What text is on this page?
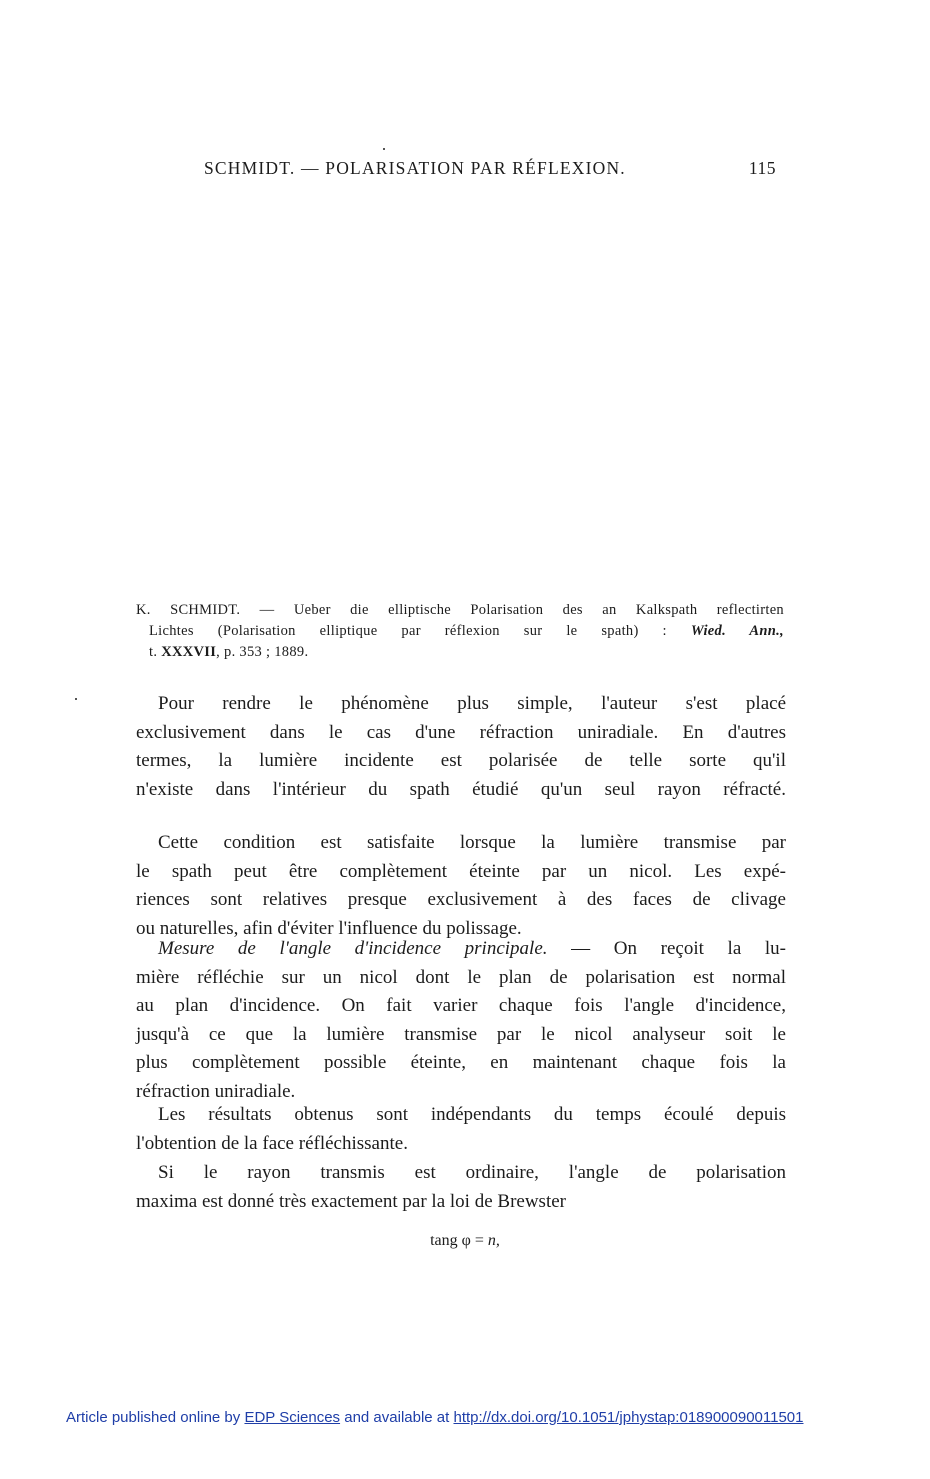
SCHMIDT. — POLARISATION PAR RÉFLEXION.	115
K. SCHMIDT. — Ueber die elliptische Polarisation des an Kalkspath reflectirten
Lichtes (Polarisation elliptique par réflexion sur le spath) : Wied. Ann.,
t. XXXVII, p. 353 ; 1889.
Pour rendre le phénomène plus simple, l'auteur s'est placé
exclusivement dans le cas d'une réfraction uniradiale. En d'autres
termes, la lumière incidente est polarisée de telle sorte qu'il
n'existe dans l'intérieur du spath étudié qu'un seul rayon réfracté.
Cette condition est satisfaite lorsque la lumière transmise par
le spath peut être complètement éteinte par un nicol. Les expé-
riences sont relatives presque exclusivement à des faces de clivage
ou naturelles, afin d'éviter l'influence du polissage.
Mesure de l'angle d'incidence principale. — On reçoit la lu-
mière réfléchie sur un nicol dont le plan de polarisation est normal
au plan d'incidence. On fait varier chaque fois l'angle d'incidence,
jusqu'à ce que la lumière transmise par le nicol analyseur soit le
plus complètement possible éteinte, en maintenant chaque fois la
réfraction uniradiale.
Les résultats obtenus sont indépendants du temps écoulé depuis
l'obtention de la face réfléchissante.
Si le rayon transmis est ordinaire, l'angle de polarisation
maxima est donné très exactement par la loi de Brewster
tang φ = n,
Article published online by EDP Sciences and available at http://dx.doi.org/10.1051/jphystap:018900090011501
